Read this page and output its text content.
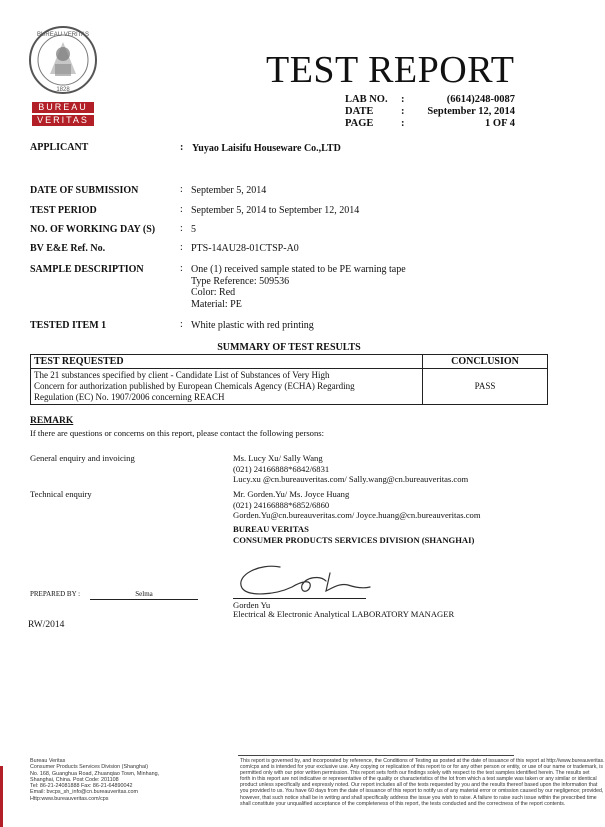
BUREAU VERITAS
1828
BUREAU
VERITAS
TEST REPORT
LAB NO. :	(6614)248-0087
DATE	: September 12, 2014
PAGE	:	1 OF 4
APPLICANT	: Yuyao Laisifu Houseware Co.,LTD
DATE OF SUBMISSION	: September 5, 2014
TEST PERIOD	: September 5, 2014 to September 12, 2014
NO. OF WORKING DAY (S) : 5
BV E&E Ref. No.	: PTS-14AU28-01CTSP-A0
SAMPLE DESCRIPTION	: One (1) received sample stated to be PE warning tape
Type Reference: 509536
Color: Red
Material: PE
TESTED ITEM 1	: White plastic with red printing
SUMMARY OF TEST RESULTS
TEST REQUESTED	CONCLUSION

The 21 substances specified by client - Candidate List of Substances of Very High
Concern for authorization published by European Chemicals Agency (ECHA) Regarding
Regulation (EC) No. 1907/2006 concerning REACH	PASS
REMARK
If there are questions or concerns on this report, please contact the following persons:
General enquiry and invoicing	Ms. Lucy Xu/ Sally Wang
(021) 24166888*6842/6831
Lucy.xu @cn.bureauveritas.com/ Sally.wang@cn.bureauveritas.com
Technical enquiry	Mr. Gorden.Yu/ Ms. Joyce Huang
(021) 24166888*6852/6860
Gorden.Yu@cn.bureauveritas.com/ Joyce.huang@cn.bureauveritas.com
BUREAU VERITAS
CONSUMER PRODUCTS SERVICES DIVISION (SHANGHAI)
Gorden Yu
Electrical & Electronic Analytical LABORATORY MANAGER
PREPARED BY :	Selma
RW/2014
Bureau Veritas
Consumer Products Services Division (Shanghai)
No. 168, Guanghua Road, Zhuanqiao Town, Minhang,
Shanghai, China. Post Code: 201108
Tel: 86-21-24081888 Fax: 86-21-64890042
Email: bvcps_sh_info@cn.bureauveritas.com
Http:www.bureauveritas.com/cps
This report is governed by, and incorporated by reference, the Conditions of Testing as posted at the date of issuance of this report at http://www.bureauveritas.
com/cps and is intended for your exclusive use. Any copying or replication of this report to or for any other person or entity, or use of our name or trademark, is
permitted only with our prior written permission. This report sets forth our findings solely with respect to the test samples identified herein. The results set
forth in this report are not indicative or representative of the quality or characteristics of the lot from which a test sample was taken or any similar or identical
product unless specifically and expressly noted. Our report includes all of the tests requested by you and the results thereof based upon the information that
you provided to us. You have 60 days from the date of issuance of this report to notify us of any material error or omission caused by our negligence; provided,
however, that such notice shall be in writing and shall specifically address the issue you wish to raise. A failure to raise such issue within the prescribed time
shall constitute your unqualified acceptance of the completeness of this report, the tests conducted and the correctness of the report contents.
